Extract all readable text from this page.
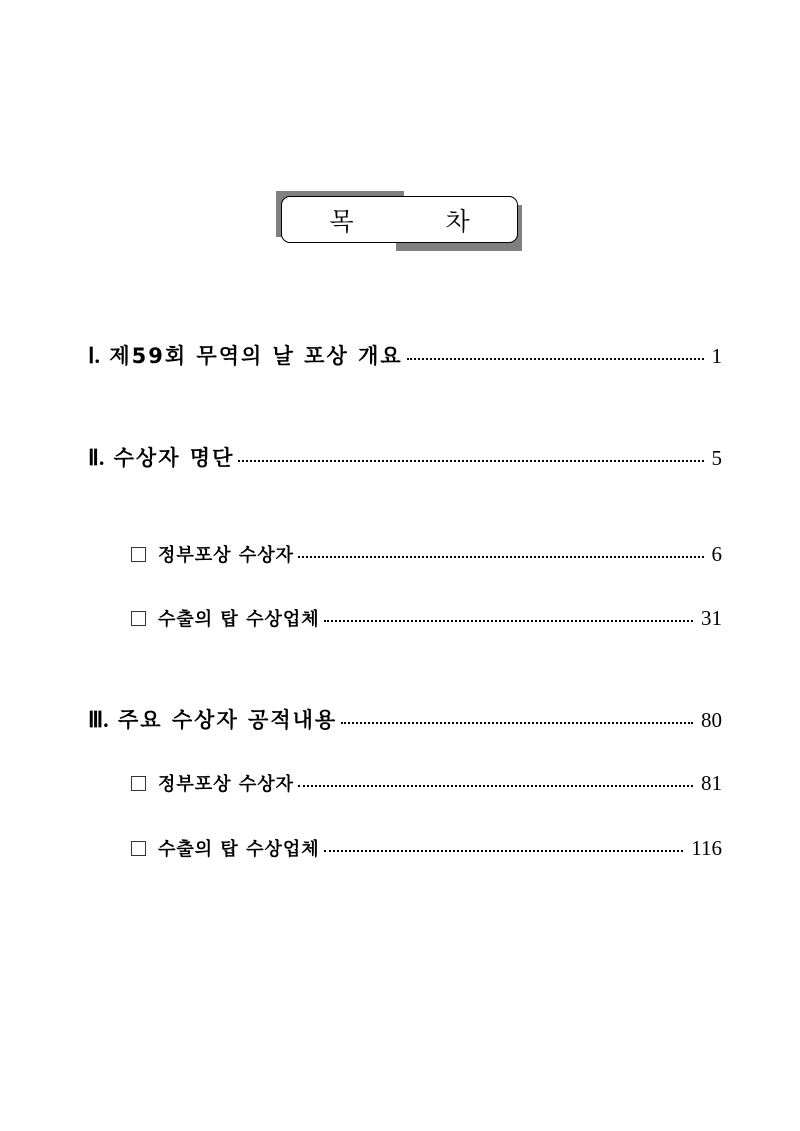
목	차
Ⅰ. 제59회 무역의 날 포상 개요	1
Ⅱ. 수상자 명단	5
정부포상 수상자	6
수출의 탑 수상업체	31
Ⅲ. 주요 수상자 공적내용	80
정부포상 수상자	81
수출의 탑 수상업체	116
